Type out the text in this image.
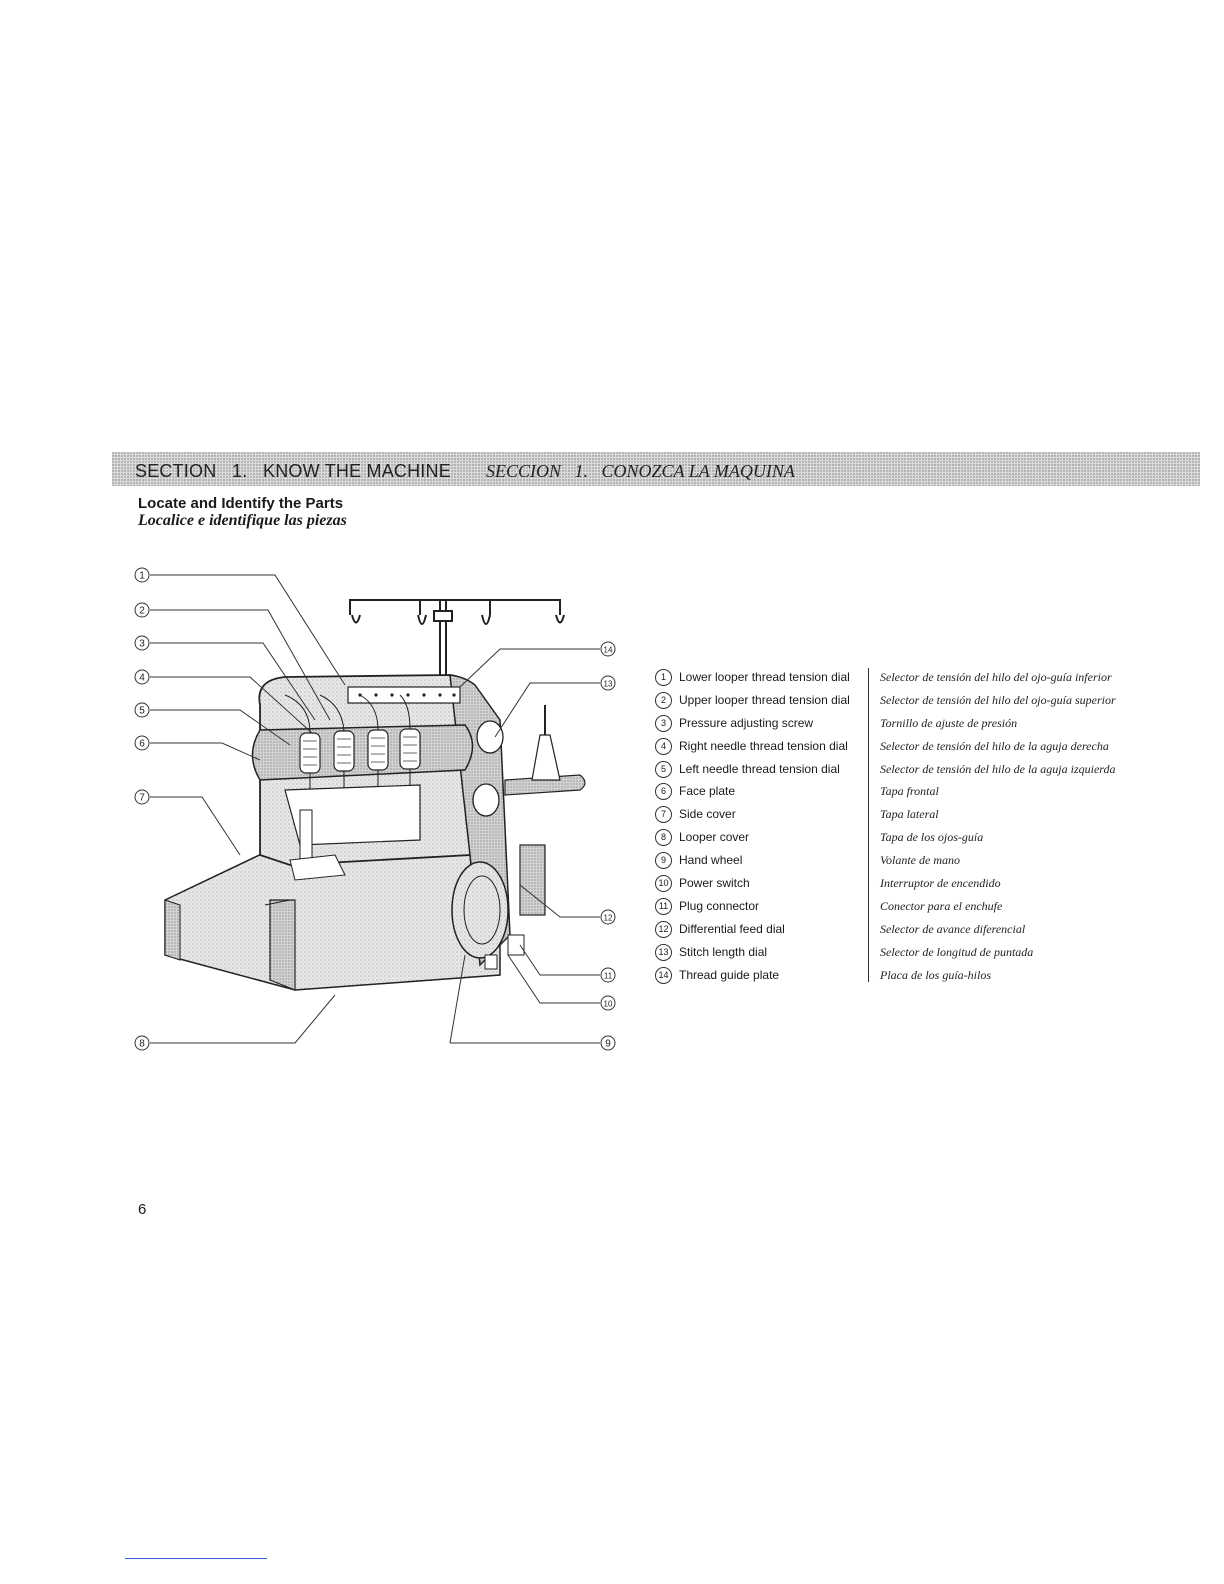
SECTION   1.   KNOW THE MACHINE SECCION   1.   CONOZCA LA MAQUINA
Locate and Identify the Parts
Localice e identifique las piezas
1
2
3
4
5
6
7
8	9
10
11
12
13
14
1	Lower looper thread tension dial	Selector de tensión del hilo del ojo-guía inferior
2	Upper looper thread tension dial	Selector de tensión del hilo del ojo-guía superior
3	Pressure adjusting screw	Tornillo de ajuste de presión
4	Right needle thread tension dial	Selector de tensión del hilo de la aguja derecha
5	Left needle thread tension dial	Selector de tensión del hilo de la aguja izquierda
6	Face plate	Tapa frontal
7	Side cover	Tapa lateral
8	Looper cover	Tapa de los ojos-guía
9	Hand wheel	Volante de mano
10 Power switch	Interruptor de encendido
11 Plug connector	Conector para el enchufe
12 Differential feed dial	Selector de avance diferencial
13 Stitch length dial	Selector de longitud de puntada
14 Thread guide plate	Placa de los guía-hilos
6
